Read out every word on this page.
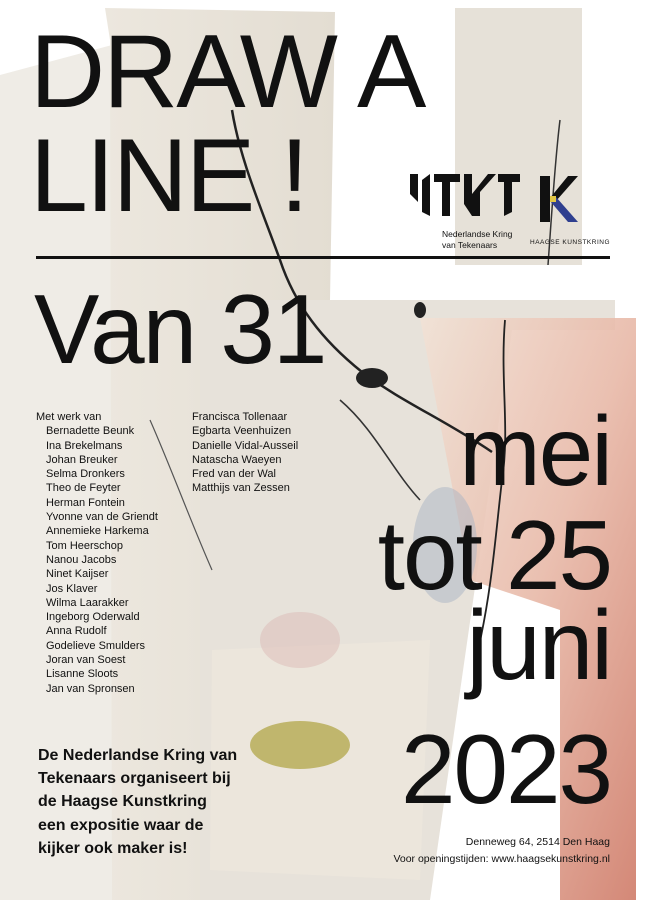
DRAW A
LINE !	Nederlandse Kring
van Tekenaars	HAAGSE KUNSTKRING
Van 31
mei
tot 25
juni
2023
Met werk van
Bernadette Beunk
Ina Brekelmans
Johan Breuker
Selma Dronkers
Theo de Feyter
Herman Fontein
Yvonne van de Griendt
Annemieke Harkema
Tom Heerschop
Nanou Jacobs
Ninet Kaijser
Jos Klaver
Wilma Laarakker
Ingeborg Oderwald
Anna Rudolf
Godelieve Smulders
Joran van Soest
Lisanne Sloots
Jan van Spronsen
Francisca Tollenaar
Egbarta Veenhuizen
Danielle Vidal-Ausseil
Natascha Waeyen
Fred van der Wal
Matthijs van Zessen
De Nederlandse Kring van
Tekenaars organiseert bij
de Haagse Kunstkring
een expositie waar de
kijker ook maker is!	Denneweg 64, 2514 Den Haag
Voor openingstijden: www.haagsekunstkring.nl
